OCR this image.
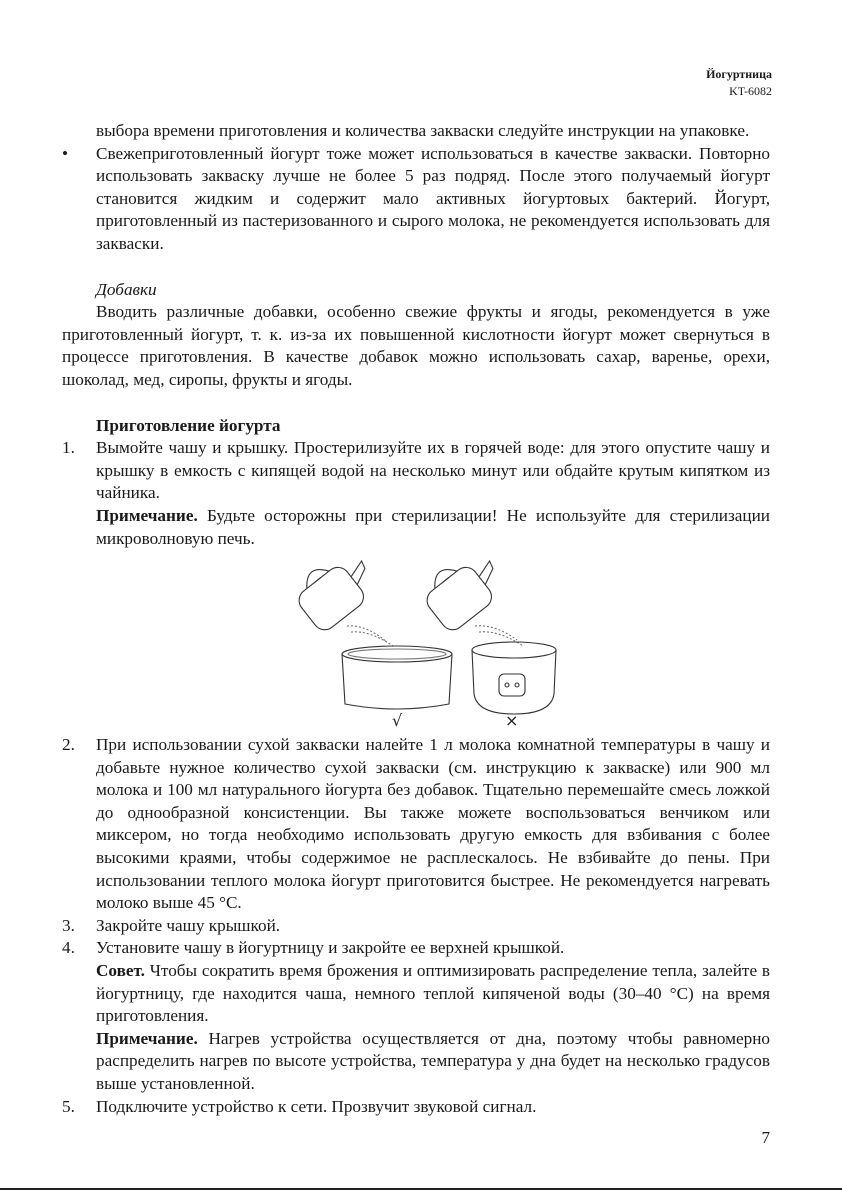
Йогуртница
KT-6082

выбора времени приготовления и количества закваски следуйте инструкции на упаковке.

•	Свежеприготовленный йогурт тоже может использоваться в качестве закваски. Повторно использовать закваску лучше не более 5 раз подряд. После этого получаемый йогурт становится жидким и содержит мало активных йогуртовых бактерий. Йогурт, приготовленный из пастеризованного и сырого молока, не рекомендуется использовать для закваски.

Добавки

Вводить различные добавки, особенно свежие фрукты и ягоды, рекомендуется в уже приготовленный йогурт, т. к. из-за их повышенной кислотности йогурт может свернуться в процессе приготовления. В качестве добавок можно использовать сахар, варенье, орехи, шоколад, мед, сиропы, фрукты и ягоды.

Приготовление йогурта

1.	Вымойте чашу и крышку. Простерилизуйте их в горячей воде: для этого опустите чашу и крышку в емкость с кипящей водой на несколько минут или обдайте крутым кипятком из чайника.
Примечание. Будьте осторожны при стерилизации! Не используйте для стерилизации микроволновую печь.
√	×
2.	При использовании сухой закваски налейте 1 л молока комнатной температуры в чашу и добавьте нужное количество сухой закваски (см. инструкцию к закваске) или 900 мл молока и 100 мл натурального йогурта без добавок. Тщательно перемешайте смесь ложкой до однообразной консистенции. Вы также можете воспользоваться венчиком или миксером, но тогда необходимо использовать другую емкость для взбивания с более высокими краями, чтобы содержимое не расплескалось. Не взбивайте до пены. При использовании теплого молока йогурт приготовится быстрее. Не рекомендуется нагревать молоко выше 45 °С.
3.	Закройте чашу крышкой.
4.	Установите чашу в йогуртницу и закройте ее верхней крышкой.
Совет. Чтобы сократить время брожения и оптимизировать распределение тепла, залейте в йогуртницу, где находится чаша, немного теплой кипяченой воды (30–40 °С) на время приготовления.
Примечание. Нагрев устройства осуществляется от дна, поэтому чтобы равномерно распределить нагрев по высоте устройства, температура у дна будет на несколько градусов выше установленной.
5.	Подключите устройство к сети. Прозвучит звуковой сигнал.
7
